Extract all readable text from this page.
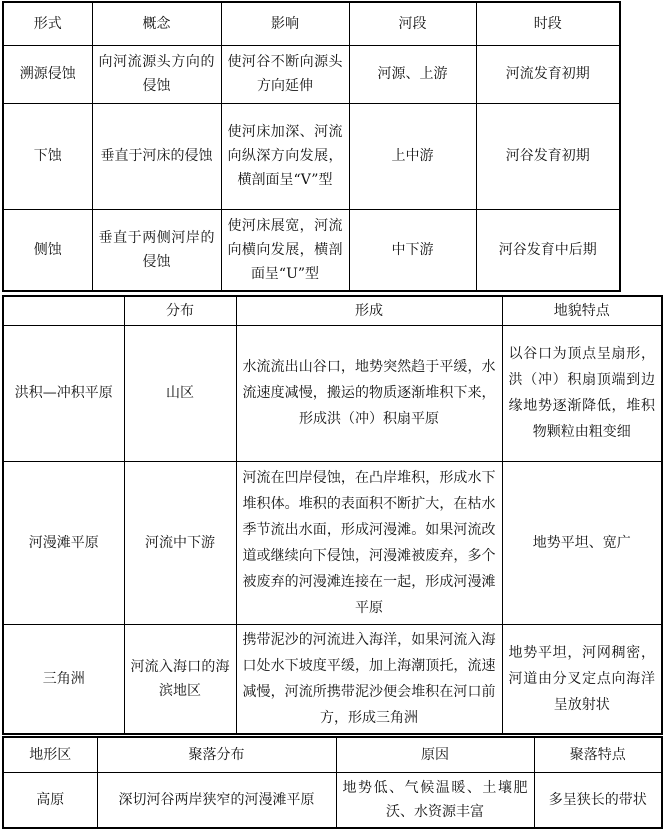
形式	概念	影响	河段	时段
溯源侵蚀	向河流源头方向的侵蚀	使河谷不断向源头方向延伸	河源、上游	河流发育初期
下蚀	垂直于河床的侵蚀	使河床加深、河流向纵深方向发展，横剖面呈“V”型	上中游	河谷发育初期
侧蚀	垂直于两侧河岸的侵蚀	使河床展宽，河流向横向发展，横剖面呈“U”型	中下游	河谷发育中后期
	分布	形成	地貌特点
洪积—冲积平原	山区	水流流出山谷口，地势突然趋于平缓，水流速度减慢，搬运的物质逐渐堆积下来，形成洪（冲）积扇平原	以谷口为顶点呈扇形，洪（冲）积扇顶端到边缘地势逐渐降低，堆积物颗粒由粗变细
河漫滩平原	河流中下游	河流在凹岸侵蚀，在凸岸堆积，形成水下堆积体。堆积的表面积不断扩大，在枯水季节流出水面，形成河漫滩。如果河流改道或继续向下侵蚀，河漫滩被废弃，多个被废弃的河漫滩连接在一起，形成河漫滩平原	地势平坦、宽广
三角洲	河流入海口的海滨地区	携带泥沙的河流进入海洋，如果河流入海口处水下坡度平缓，加上海潮顶托，流速减慢，河流所携带泥沙便会堆积在河口前方，形成三角洲	地势平坦，河网稠密，河道由分叉定点向海洋呈放射状
地形区	聚落分布	原因	聚落特点
高原	深切河谷两岸狭窄的河漫滩平原	地势低、气候温暖、土壤肥沃、水资源丰富	多呈狭长的带状
